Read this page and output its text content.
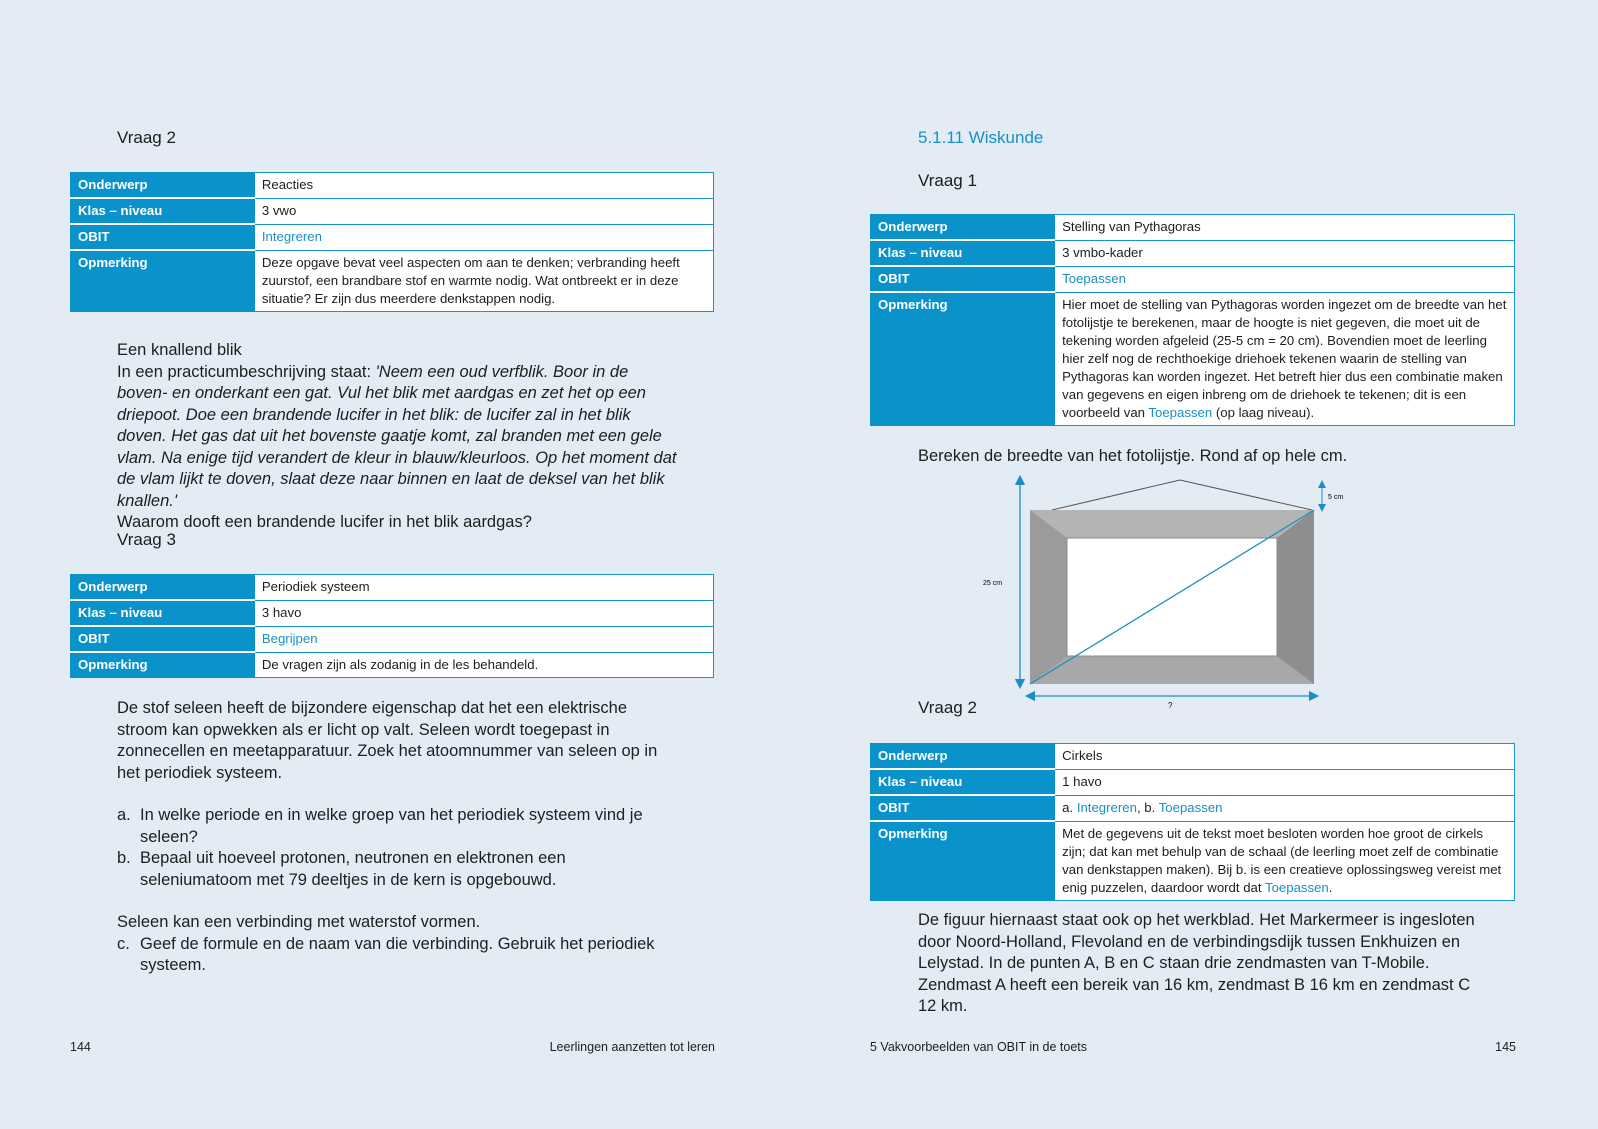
Vraag 2
Onderwerp	Reacties
Klas – niveau	3 vwo
OBIT	Integreren
Opmerking	Deze opgave bevat veel aspecten om aan te denken; verbranding heeft zuurstof, een brandbare stof en warmte nodig. Wat ontbreekt er in deze situatie? Er zijn dus meerdere denkstappen nodig.

Een knallend blik

In een practicumbeschrijving staat: 'Neem een oud verfblik. Boor in de boven- en onderkant een gat. Vul het blik met aardgas en zet het op een driepoot. Doe een brandende lucifer in het blik: de lucifer zal in het blik doven. Het gas dat uit het bovenste gaatje komt, zal branden met een gele vlam. Na enige tijd verandert de kleur in blauw/kleurloos. Op het moment dat de vlam lijkt te doven, slaat deze naar binnen en laat de deksel van het blik knallen.'

Waarom dooft een brandende lucifer in het blik aardgas?

Vraag 3
Onderwerp	Periodiek systeem
Klas – niveau	3 havo
OBIT	Begrijpen
Opmerking	De vragen zijn als zodanig in de les behandeld.

De stof seleen heeft de bijzondere eigenschap dat het een elektrische stroom kan opwekken als er licht op valt. Seleen wordt toegepast in zonnecellen en meetapparatuur. Zoek het atoomnummer van seleen op in het periodiek systeem.

a. In welke periode en in welke groep van het periodiek systeem vind je seleen?
b. Bepaal uit hoeveel protonen, neutronen en elektronen een seleniumatoom met 79 deeltjes in de kern is opgebouwd.

Seleen kan een verbinding met waterstof vormen.

c. Geef de formule en de naam van die verbinding. Gebruik het periodiek systeem.
144	Leerlingen aanzetten tot leren
5.1.11 Wiskunde
Vraag 1
Onderwerp	Stelling van Pythagoras
Klas – niveau	3 vmbo-kader
OBIT	Toepassen
Opmerking	Hier moet de stelling van Pythagoras worden ingezet om de breedte van het fotolijstje te berekenen, maar de hoogte is niet gegeven, die moet uit de tekening worden afgeleid (25-5 cm = 20 cm). Bovendien moet de leerling hier zelf nog de rechthoekige driehoek tekenen waarin de stelling van Pythagoras kan worden ingezet. Het betreft hier dus een combinatie maken van gegevens en eigen inbreng om de driehoek te tekenen; dit is een voorbeeld van Toepassen (op laag niveau).

Bereken de breedte van het fotolijstje. Rond af op hele cm.

25 cm
5 cm
?
Vraag 2
Onderwerp	Cirkels
Klas – niveau	1 havo
OBIT	a. Integreren, b. Toepassen
Opmerking	Met de gegevens uit de tekst moet besloten worden hoe groot de cirkels zijn; dat kan met behulp van de schaal (de leerling moet zelf de combinatie van denkstappen maken). Bij b. is een creatieve oplossingsweg vereist met enig puzzelen, daardoor wordt dat Toepassen.

De figuur hiernaast staat ook op het werkblad. Het Markermeer is ingesloten door Noord-Holland, Flevoland en de verbindingsdijk tussen Enkhuizen en Lelystad. In de punten A, B en C staan drie zendmasten van T-Mobile. Zendmast A heeft een bereik van 16 km, zendmast B 16 km en zendmast C 12 km.

5 Vakvoorbeelden van OBIT in de toets	145
